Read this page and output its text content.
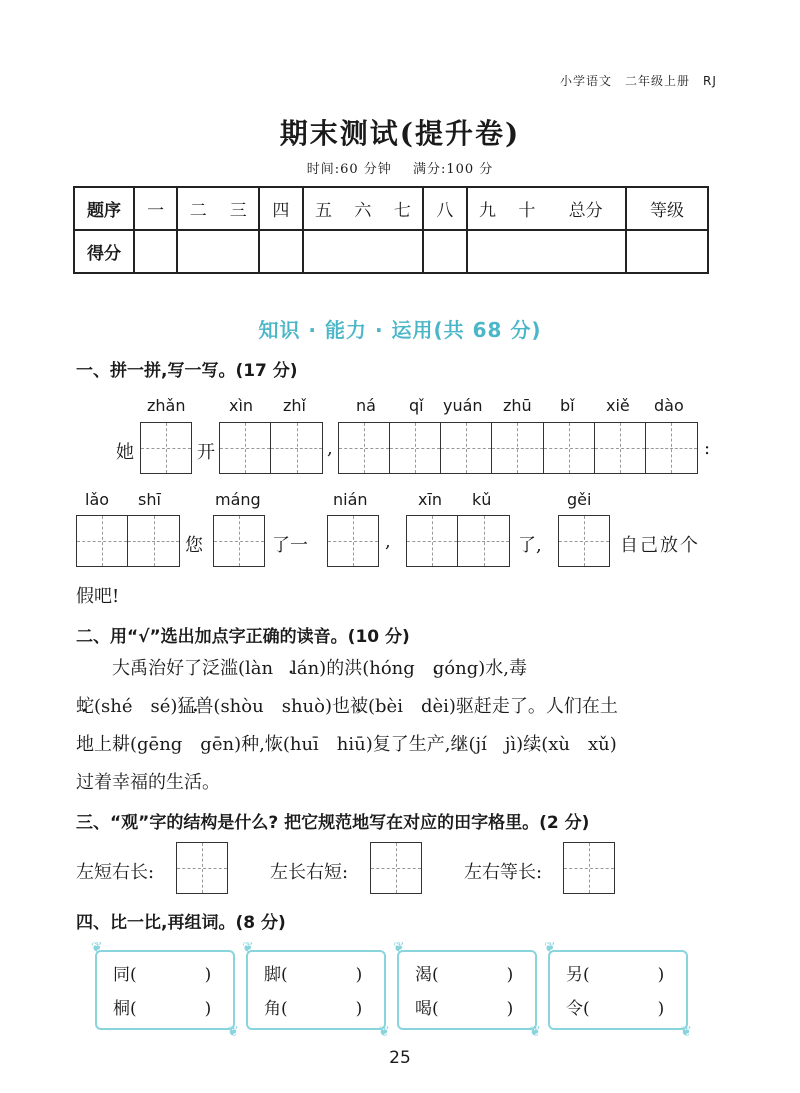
小学语文　二年级上册　RJ
期末测试(提升卷)
时间:60 分钟 满分:100 分
题序	一	二	三	四	五	六	七	八	九	十	总分	等级
得分												
知识 · 能力 · 运用(共 68 分)
一、拼一拼,写一写。(17 分)
zhǎn	xìn zhǐ	ná qǐ yuán zhū bǐ xiě dào
她	开	,	:
lǎo shī	máng	nián	xīn kǔ	gěi
您	了一	,	了,	自己放个
假吧!
二、用“√”选出加点字正确的读音。(10 分)
大禹治好了泛滥(làn　lán)的 •洪(hóng　góng)水, •毒
蛇(shé　sé)猛兽(shòu　shuò)也被(bèi　dèi)驱赶走了。人们在土
地上耕(gēng　gēn)种,恢(huī　hiū)复了生产,继(jí　jì)续(xù　xǔ)
过着幸福的生活。
三、“观”字的结构是什么? 把它规范地写在对应的田字格里。(2 分)
左短右长:	左长右短:	左右等长:
四、比一比,再组词。(8 分)
❦
❦
同(　　　　)
桐(　　　　)
❦
❦
脚(　　　　)
角(　　　　)
❦
❦
渴(　　　　)
喝(　　　　)
❦
❦
另(　　　　)
令(　　　　)
25
